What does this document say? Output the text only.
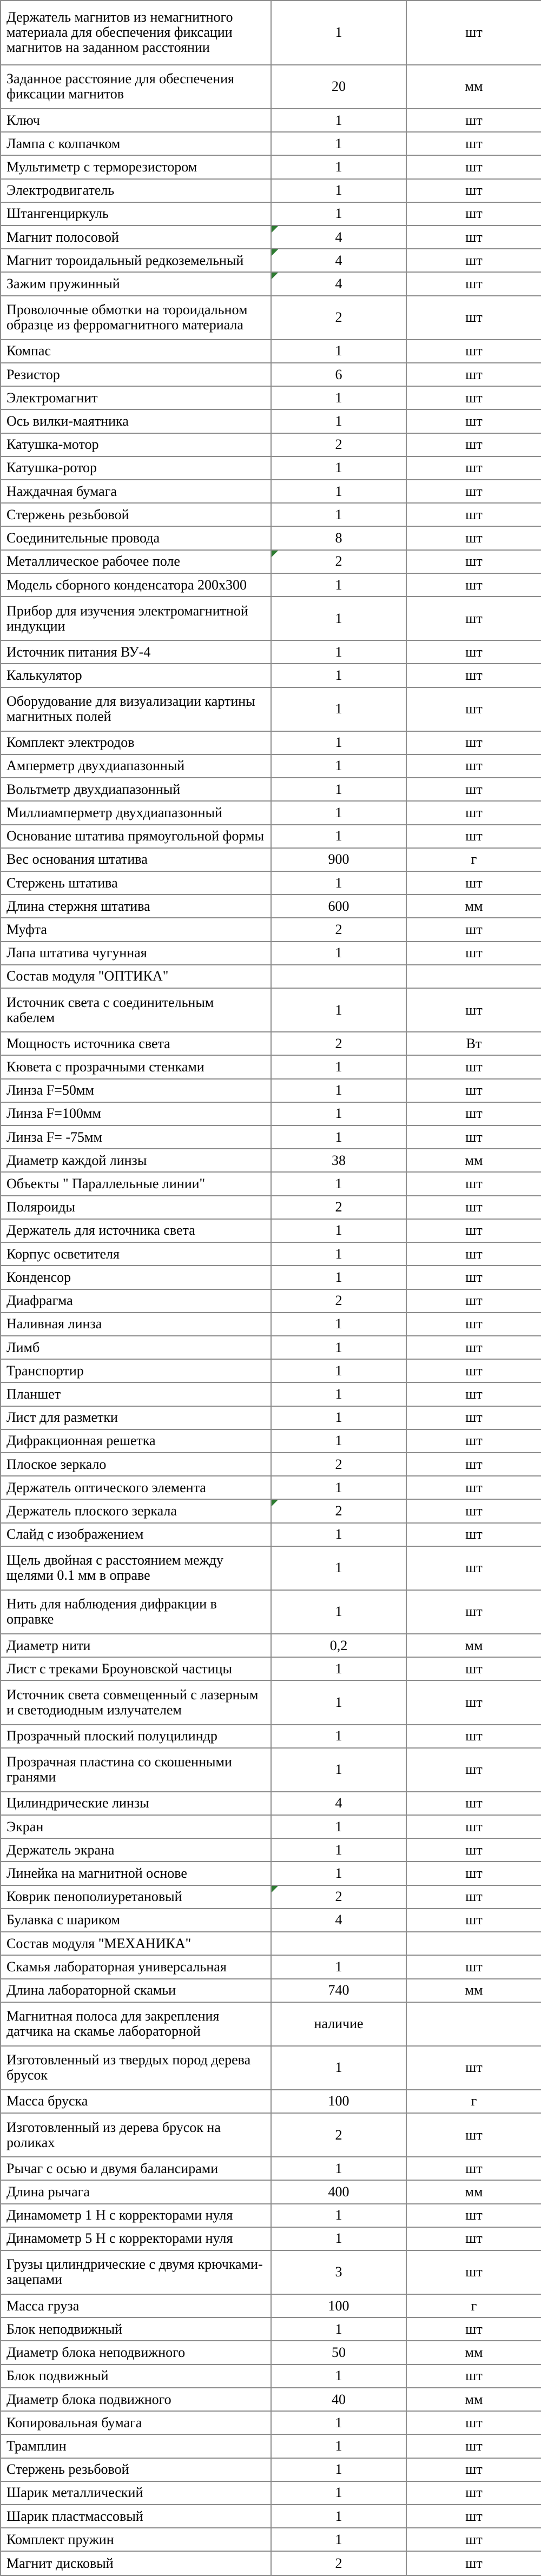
Держатель магнитов из немагнитного материала для обеспечения фиксации магнитов на заданном расстоянии	1	шт
Заданное расстояние для обеспечения фиксации магнитов	20	мм
Ключ	1	шт
Лампа с колпачком	1	шт
Мультиметр с терморезистором	1	шт
Электродвигатель	1	шт
Штангенциркуль	1	шт
Магнит полосовой	4	шт
Магнит тороидальный редкоземельный	4	шт
Зажим пружинный	4	шт
Проволочные обмотки на тороидальном образце из ферромагнитного материала	2	шт
Компас	1	шт
Резистор	6	шт
Электромагнит	1	шт
Ось вилки-маятника	1	шт
Катушка-мотор	2	шт
Катушка-ротор	1	шт
Наждачная бумага	1	шт
Стержень резьбовой	1	шт
Соединительные провода	8	шт
Металлическое рабочее поле	2	шт
Модель сборного конденсатора 200х300	1	шт
Прибор для изучения электромагнитной индукции	1	шт
Источник питания ВУ-4	1	шт
Калькулятор	1	шт
Оборудование для визуализации картины магнитных полей	1	шт
Комплект электродов	1	шт
Амперметр двухдиапазонный	1	шт
Вольтметр двухдиапазонный	1	шт
Миллиамперметр двухдиапазонный	1	шт
Основание штатива прямоугольной формы	1	шт
Вес основания штатива	900	г
Стержень штатива	1	шт
Длина стержня штатива	600	мм
Муфта	2	шт
Лапа штатива чугунная	1	шт
Состав модуля "ОПТИКА"		
Источник света с соединительным кабелем	1	шт
Мощность источника света	2	Вт
Кювета с прозрачными стенками	1	шт
Линза F=50мм	1	шт
Линза F=100мм	1	шт
Линза F= -75мм	1	шт
Диаметр каждой линзы	38	мм
Объекты " Параллельные линии"	1	шт
Поляроиды	2	шт
Держатель для источника света	1	шт
Корпус осветителя	1	шт
Конденсор	1	шт
Диафрагма	2	шт
Наливная линза	1	шт
Лимб	1	шт
Транспортир	1	шт
Планшет	1	шт
Лист для разметки	1	шт
Дифракционная решетка	1	шт
Плоское зеркало	2	шт
Держатель оптического элемента	1	шт
Держатель плоского зеркала	2	шт
Слайд с изображением	1	шт
Щель двойная с расстоянием между щелями 0.1 мм в оправе	1	шт
Нить для наблюдения дифракции в оправке	1	шт
Диаметр нити	0,2	мм
Лист с треками Броуновской частицы	1	шт
Источник света совмещенный с лазерным и светодиодным излучателем	1	шт
Прозрачный плоский полуцилиндр	1	шт
Прозрачная пластина со скошенными гранями	1	шт
Цилиндрические линзы	4	шт
Экран	1	шт
Держатель экрана	1	шт
Линейка на магнитной основе	1	шт
Коврик пенополиуретановый	2	шт
Булавка с шариком	4	шт
Состав модуля "МЕХАНИКА"		
Скамья лабораторная универсальная	1	шт
Длина лабораторной скамьи	740	мм
Магнитная полоса для закрепления датчика на скамье лабораторной	наличие	
Изготовленный из твердых пород дерева брусок	1	шт
Масса бруска	100	г
Изготовленный из дерева брусок на роликах	2	шт
Рычаг с осью и двумя балансирами	1	шт
Длина рычага	400	мм
Динамометр 1 Н с корректорами нуля	1	шт
Динамометр 5 Н с корректорами нуля	1	шт
Грузы цилиндрические с двумя крючками-зацепами	3	шт
Масса груза	100	г
Блок неподвижный	1	шт
Диаметр блока неподвижного	50	мм
Блок подвижный	1	шт
Диаметр блока подвижного	40	мм
Копировальная бумага	1	шт
Трамплин	1	шт
Стержень резьбовой	1	шт
Шарик металлический	1	шт
Шарик пластмассовый	1	шт
Комплект пружин	1	шт
Магнит дисковый	2	шт
